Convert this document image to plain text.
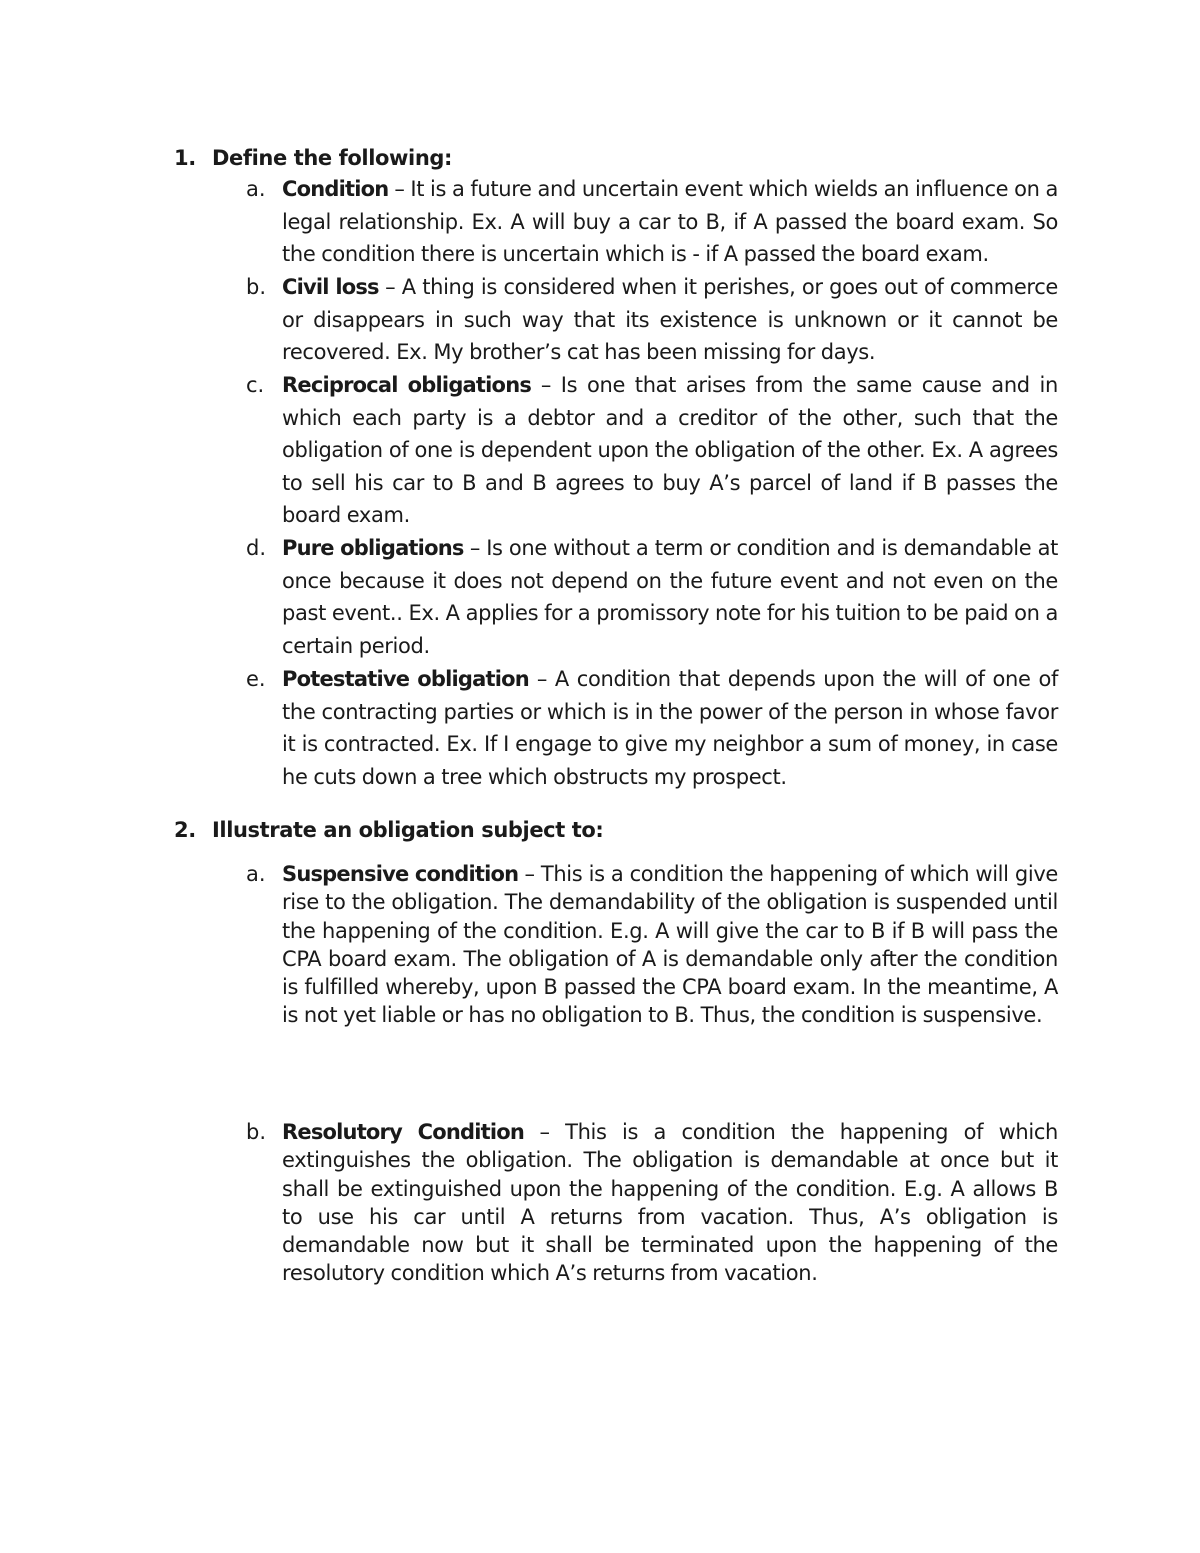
1. Define the following:
a. Condition – It is a future and uncertain event which wields an influence on a legal relationship. Ex. A will buy a car to B, if A passed the board exam. So the condition there is uncertain which is - if A passed the board exam.
b. Civil loss – A thing is considered when it perishes, or goes out of commerce or disappears in such way that its existence is unknown or it cannot be recovered. Ex. My brother’s cat has been missing for days.
c. Reciprocal obligations – Is one that arises from the same cause and in which each party is a debtor and a creditor of the other, such that the obligation of one is dependent upon the obligation of the other. Ex. A agrees to sell his car to B and B agrees to buy A’s parcel of land if B passes the board exam.
d. Pure obligations – Is one without a term or condition and is demandable at once because it does not depend on the future event and not even on the past event.. Ex. A applies for a promissory note for his tuition to be paid on a certain period.
e. Potestative obligation – A condition that depends upon the will of one of the contracting parties or which is in the power of the person in whose favor it is contracted. Ex. If I engage to give my neighbor a sum of money, in case he cuts down a tree which obstructs my prospect.
2. Illustrate an obligation subject to:
a. Suspensive condition – This is a condition the happening of which will give rise to the obligation. The demandability of the obligation is suspended until the happening of the condition. E.g. A will give the car to B if B will pass the CPA board exam. The obligation of A is demandable only after the condition is fulfilled whereby, upon B passed the CPA board exam. In the meantime, A is not yet liable or has no obligation to B. Thus, the condition is suspensive.
b. Resolutory Condition – This is a condition the happening of which extinguishes the obligation. The obligation is demandable at once but it shall be extinguished upon the happening of the condition. E.g. A allows B to use his car until A returns from vacation. Thus, A’s obligation is demandable now but it shall be terminated upon the happening of the resolutory condition which A’s returns from vacation.
